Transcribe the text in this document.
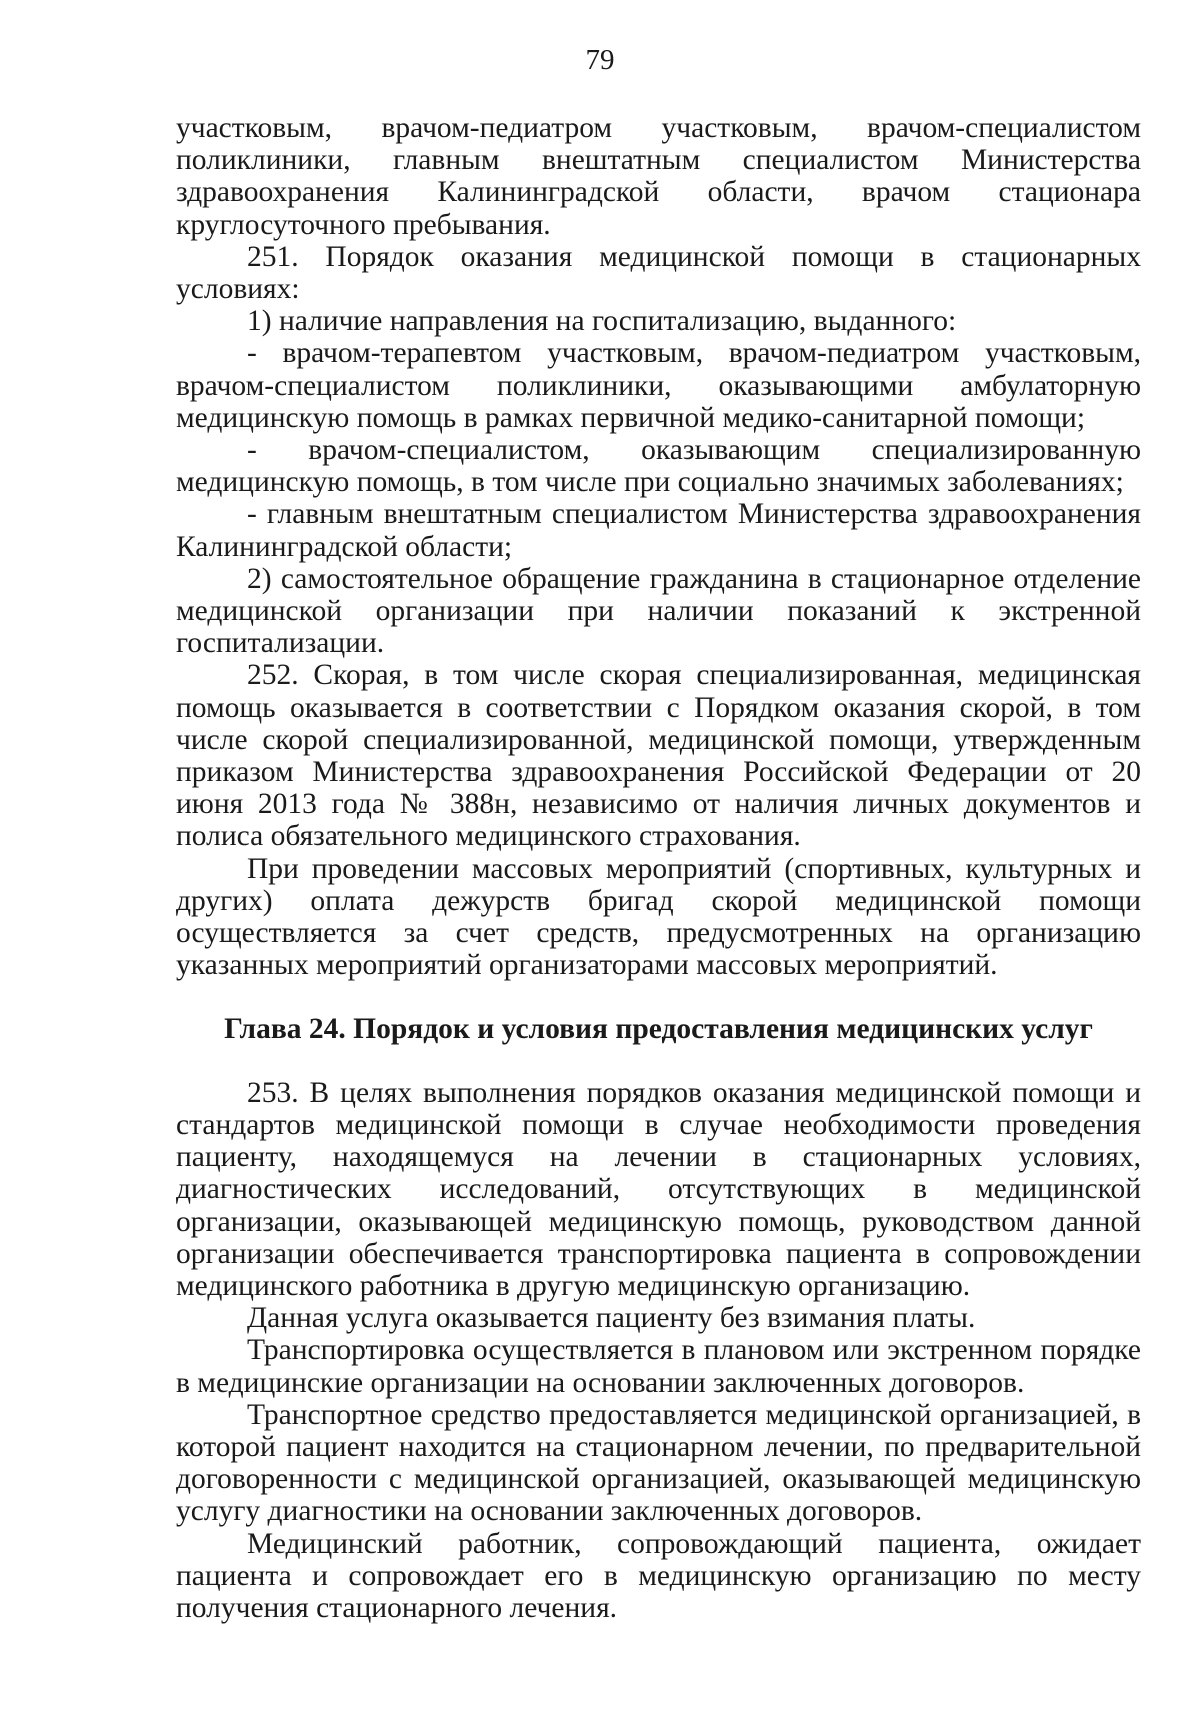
79

участковым, врачом-педиатром участковым, врачом-специалистом поликлиники, главным внештатным специалистом Министерства здравоохранения Калининградской области, врачом стационара круглосуточного пребывания.

251. Порядок оказания медицинской помощи в стационарных условиях:

1) наличие направления на госпитализацию, выданного:

- врачом-терапевтом участковым, врачом-педиатром участковым, врачом-специалистом поликлиники, оказывающими амбулаторную медицинскую помощь в рамках первичной медико-санитарной помощи;

- врачом-специалистом, оказывающим специализированную медицинскую помощь, в том числе при социально значимых заболеваниях;

- главным внештатным специалистом Министерства здравоохранения Калининградской области;

2) самостоятельное обращение гражданина в стационарное отделение медицинской организации при наличии показаний к экстренной госпитализации.

252. Скорая, в том числе скорая специализированная, медицинская помощь оказывается в соответствии с Порядком оказания скорой, в том числе скорой специализированной, медицинской помощи, утвержденным приказом Министерства здравоохранения Российской Федерации от 20 июня 2013 года № 388н, независимо от наличия личных документов и полиса обязательного медицинского страхования.

При проведении массовых мероприятий (спортивных, культурных и других) оплата дежурств бригад скорой медицинской помощи осуществляется за счет средств, предусмотренных на организацию указанных мероприятий организаторами массовых мероприятий.

Глава 24. Порядок и условия предоставления медицинских услуг

253. В целях выполнения порядков оказания медицинской помощи и стандартов медицинской помощи в случае необходимости проведения пациенту, находящемуся на лечении в стационарных условиях, диагностических исследований, отсутствующих в медицинской организации, оказывающей медицинскую помощь, руководством данной организации обеспечивается транспортировка пациента в сопровождении медицинского работника в другую медицинскую организацию.

Данная услуга оказывается пациенту без взимания платы.

Транспортировка осуществляется в плановом или экстренном порядке в медицинские организации на основании заключенных договоров.

Транспортное средство предоставляется медицинской организацией, в которой пациент находится на стационарном лечении, по предварительной договоренности с медицинской организацией, оказывающей медицинскую услугу диагностики на основании заключенных договоров.

Медицинский работник, сопровождающий пациента, ожидает пациента и сопровождает его в медицинскую организацию по месту получения стационарного лечения.
